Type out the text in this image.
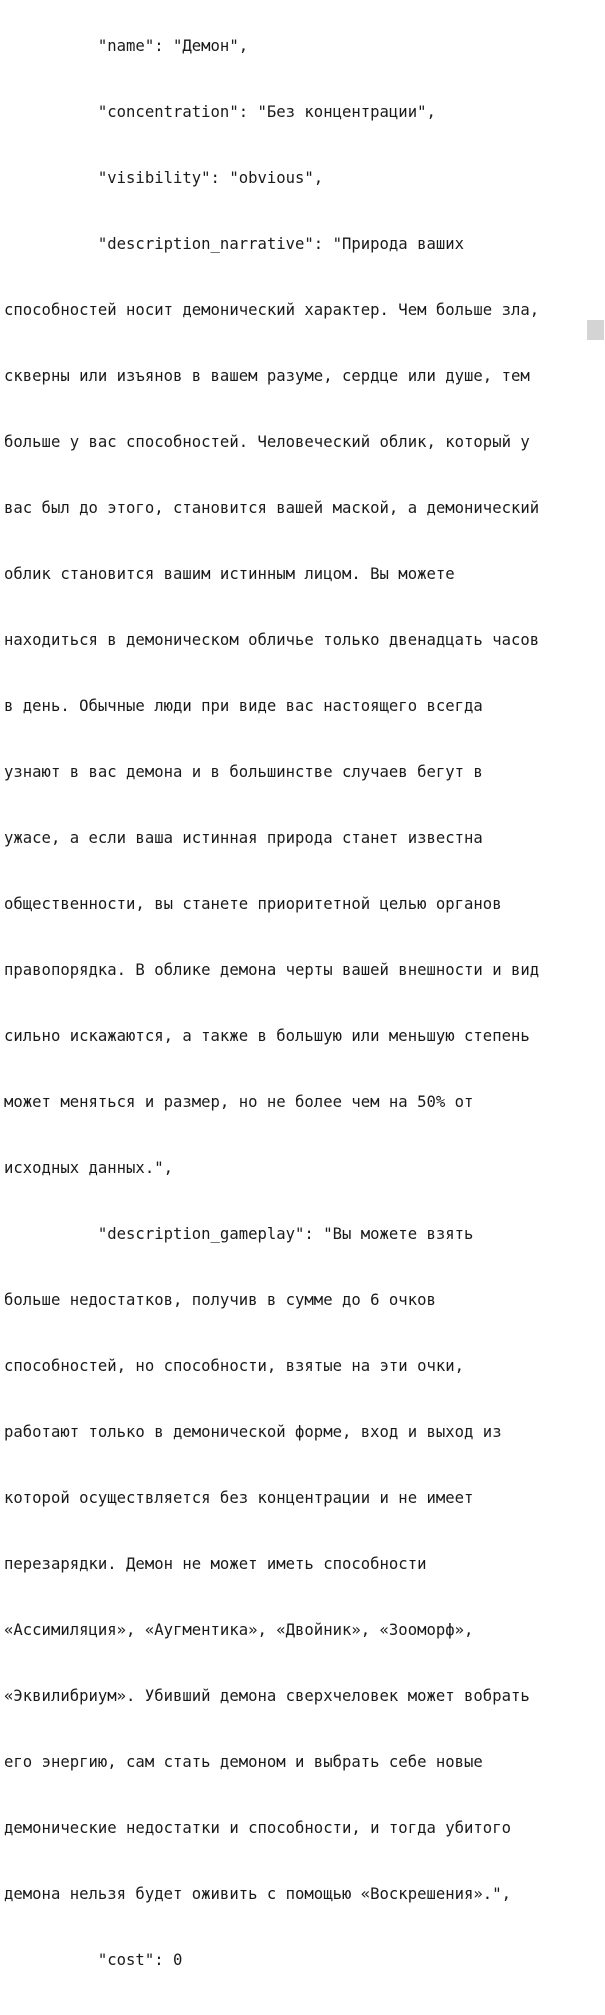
"name": "Демон",

"concentration": "Без концентрации",

"visibility": "obvious",

"description_narrative": "Природа ваших

способностей носит демонический характер. Чем больше зла,

скверны или изъянов в вашем разуме, сердце или душе, тем

больше у вас способностей. Человеческий облик, который у

вас был до этого, становится вашей маской, а демонический

облик становится вашим истинным лицом. Вы можете

находиться в демоническом обличье только двенадцать часов

в день. Обычные люди при виде вас настоящего всегда

узнают в вас демона и в большинстве случаев бегут в

ужасе, а если ваша истинная природа станет известна

общественности, вы станете приоритетной целью органов

правопорядка. В облике демона черты вашей внешности и вид

сильно искажаются, а также в большую или меньшую степень

может меняться и размер, но не более чем на 50% от

исходных данных.",

"description_gameplay": "Вы можете взять

больше недостатков, получив в сумме до 6 очков

способностей, но способности, взятые на эти очки,

работают только в демонической форме, вход и выход из

которой осуществляется без концентрации и не имеет

перезарядки. Демон не может иметь способности

«Ассимиляция», «Аугментика», «Двойник», «Зооморф»,

«Эквилибриум». Убивший демона сверхчеловек может вобрать

его энергию, сам стать демоном и выбрать себе новые

демонические недостатки и способности, и тогда убитого

демона нельзя будет оживить с помощью «Воскрешения».",

"cost": 0
